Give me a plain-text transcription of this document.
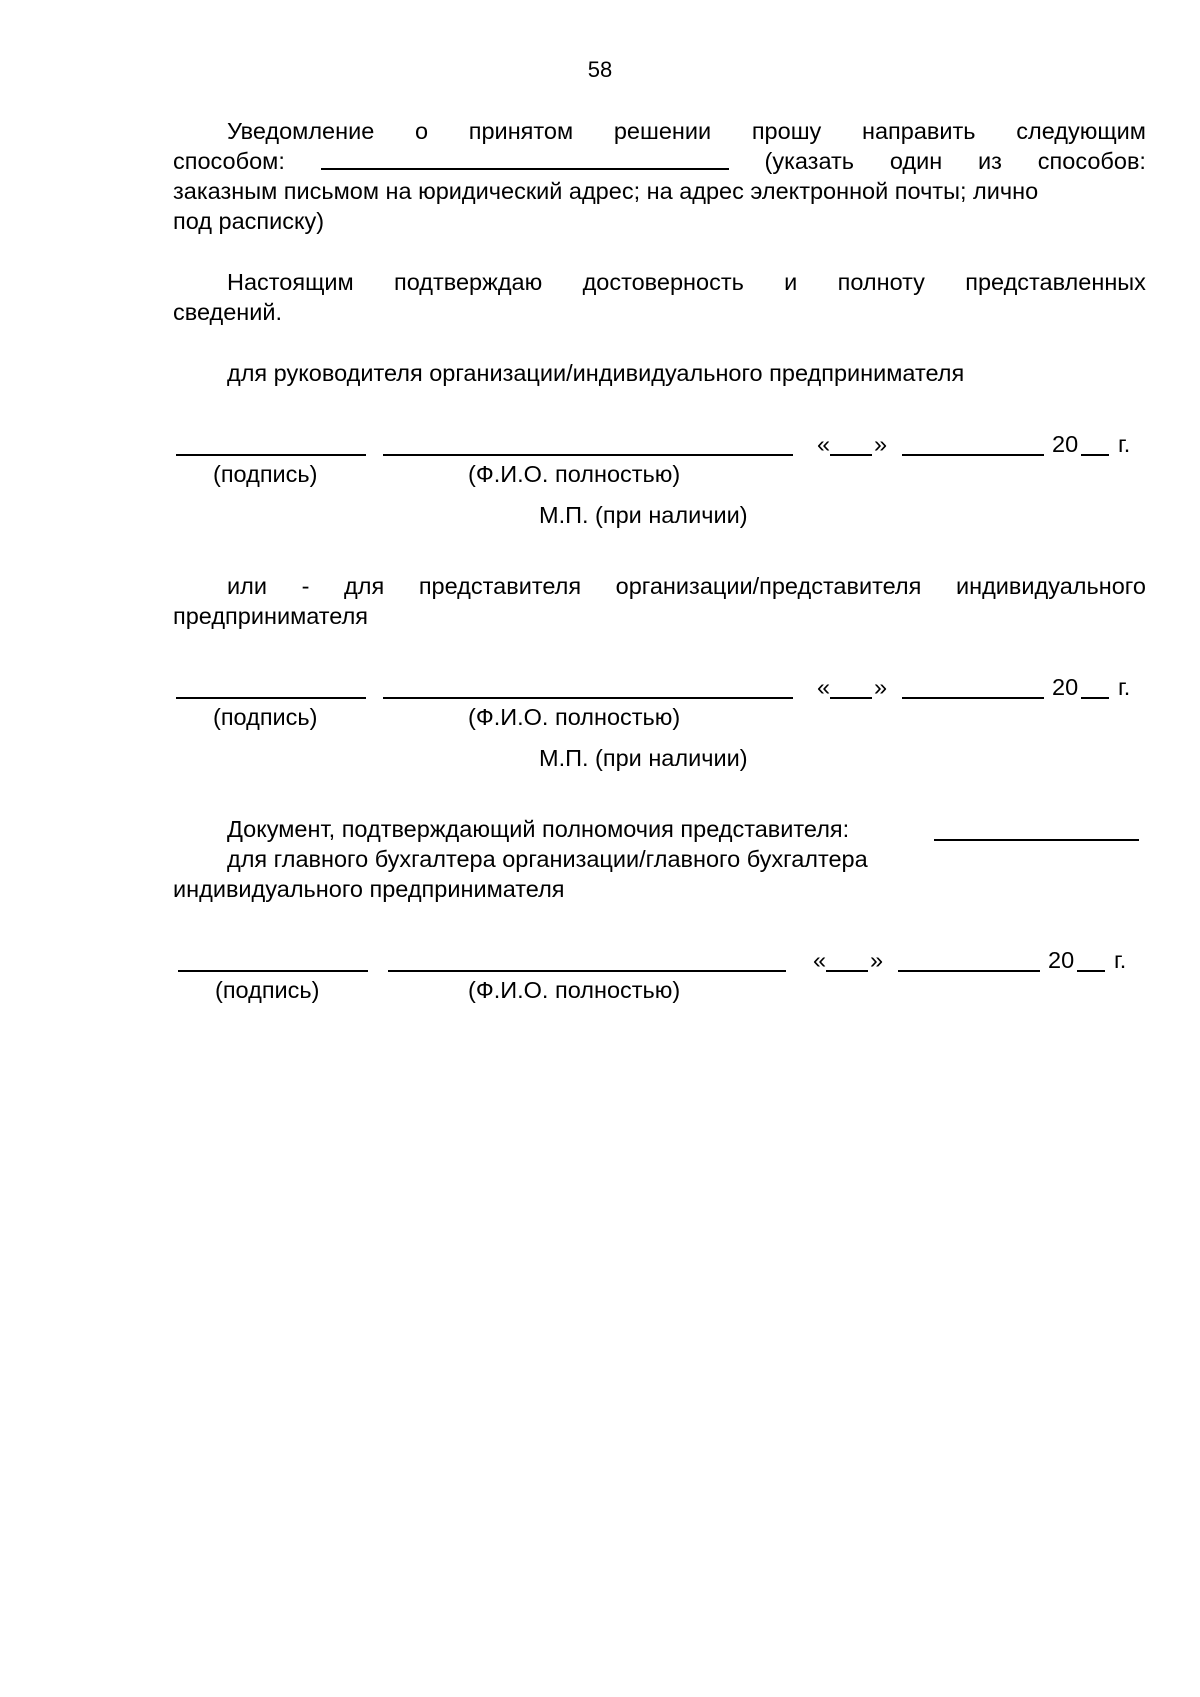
58
Уведомление о принятом решении прошу направить следующим
способом:	(указать один из способов:
заказным письмом на юридический адрес; на адрес электронной почты; лично
под расписку)
Настоящим подтверждаю достоверность и полноту представленных
сведений.
для руководителя организации/индивидуального предпринимателя
« »	20 г.
(подпись)	(Ф.И.О. полностью)
М.П. (при наличии)
или - для представителя организации/представителя индивидуального
предпринимателя
« »	20 г.
(подпись)	(Ф.И.О. полностью)
М.П. (при наличии)
Документ, подтверждающий полномочия представителя:
для главного бухгалтера организации/главного бухгалтера
индивидуального предпринимателя
« »	20 г.
(подпись)	(Ф.И.О. полностью)
